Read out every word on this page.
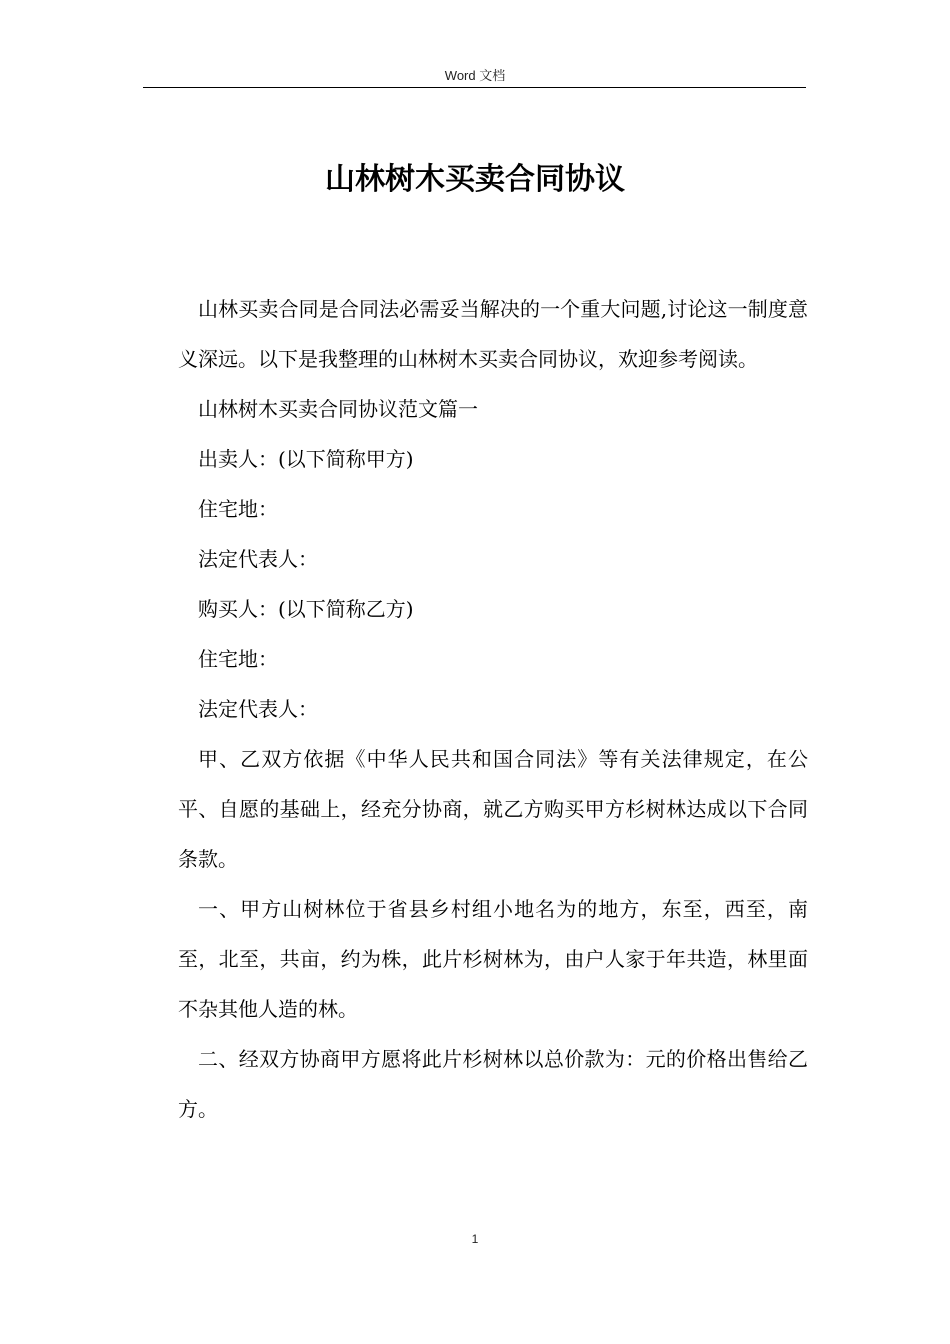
Word 文档
山林树木买卖合同协议

山林买卖合同是合同法必需妥当解决的一个重大问题,讨论这一制度意义深远。以下是我整理的山林树木买卖合同协议，欢迎参考阅读。

山林树木买卖合同协议范文篇一

出卖人：(以下简称甲方)

住宅地：

法定代表人：

购买人：(以下简称乙方)

住宅地：

法定代表人：

甲、乙双方依据《中华人民共和国合同法》等有关法律规定，在公平、自愿的基础上，经充分协商，就乙方购买甲方杉树林达成以下合同条款。

一、甲方山树林位于省县乡村组小地名为的地方，东至，西至，南至，北至，共亩，约为株，此片杉树林为，由户人家于年共造，林里面不杂其他人造的林。

二、经双方协商甲方愿将此片杉树林以总价款为：元的价格出售给乙方。

1
